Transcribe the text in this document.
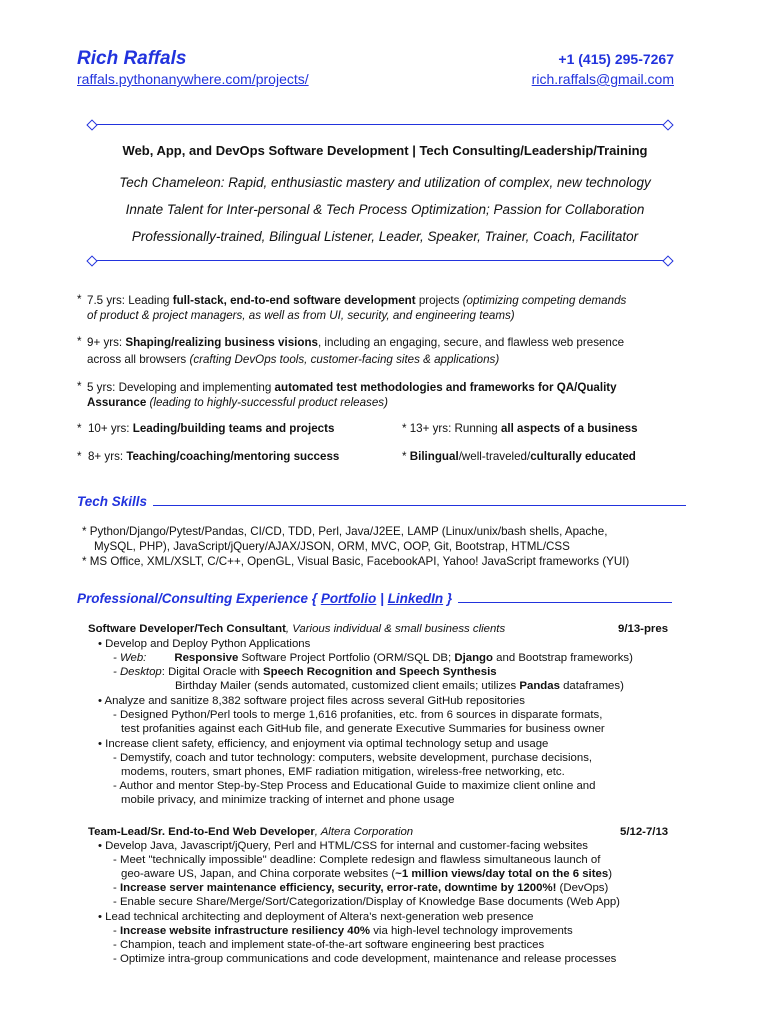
Rich Raffals	+1 (415) 295-7267
raffals.pythonanywhere.com/projects/	rich.raffals@gmail.com
Web, App, and DevOps Software Development | Tech Consulting/Leadership/Training
Tech Chameleon: Rapid, enthusiastic mastery and utilization of complex, new technology
Innate Talent for Inter-personal & Tech Process Optimization; Passion for Collaboration
Professionally-trained, Bilingual Listener, Leader, Speaker, Trainer, Coach, Facilitator
* 7.5 yrs: Leading full-stack, end-to-end software development projects (optimizing competing demands
of product & project managers, as well as from UI, security, and engineering teams)
* 9+ yrs: Shaping/realizing business visions, including an engaging, secure, and flawless web presence
across all browsers (crafting DevOps tools, customer-facing sites & applications)
* 5 yrs: Developing and implementing automated test methodologies and frameworks for QA/Quality
Assurance (leading to highly-successful product releases)
*  10+ yrs: Leading/building teams and projects	* 13+ yrs: Running all aspects of a business
*  8+ yrs: Teaching/coaching/mentoring success	* Bilingual/well-traveled/culturally educated
Tech Skills
* Python/Django/Pytest/Pandas, CI/CD, TDD, Perl, Java/J2EE, LAMP (Linux/unix/bash shells, Apache,
MySQL, PHP), JavaScript/jQuery/AJAX/JSON, ORM, MVC, OOP, Git, Bootstrap, HTML/CSS
* MS Office, XML/XSLT, C/C++, OpenGL, Visual Basic, FacebookAPI, Yahoo! JavaScript frameworks (YUI)
Professional/Consulting Experience { Portfolio | LinkedIn }
Software Developer/Tech Consultant, Various individual & small business clients	9/13-pres
• Develop and Deploy Python Applications
- Web: Responsive Software Project Portfolio (ORM/SQL DB; Django and Bootstrap frameworks)
- Desktop: Digital Oracle with Speech Recognition and Speech Synthesis
Birthday Mailer (sends automated, customized client emails; utilizes Pandas dataframes)
• Analyze and sanitize 8,382 software project files across several GitHub repositories
- Designed Python/Perl tools to merge 1,616 profanities, etc. from 6 sources in disparate formats,
test profanities against each GitHub file, and generate Executive Summaries for business owner
• Increase client safety, efficiency, and enjoyment via optimal technology setup and usage
- Demystify, coach and tutor technology: computers, website development, purchase decisions,
modems, routers, smart phones, EMF radiation mitigation, wireless-free networking, etc.
- Author and mentor Step-by-Step Process and Educational Guide to maximize client online and
mobile privacy, and minimize tracking of internet and phone usage
Team-Lead/Sr. End-to-End Web Developer, Altera Corporation	5/12-7/13
• Develop Java, Javascript/jQuery, Perl and HTML/CSS for internal and customer-facing websites
- Meet "technically impossible" deadline: Complete redesign and flawless simultaneous launch of
geo-aware US, Japan, and China corporate websites (~1 million views/day total on the 6 sites)
- Increase server maintenance efficiency, security, error-rate, downtime by 1200%! (DevOps)
- Enable secure Share/Merge/Sort/Categorization/Display of Knowledge Base documents (Web App)
• Lead technical architecting and deployment of Altera's next-generation web presence
- Increase website infrastructure resiliency 40% via high-level technology improvements
- Champion, teach and implement state-of-the-art software engineering best practices
- Optimize intra-group communications and code development, maintenance and release processes
